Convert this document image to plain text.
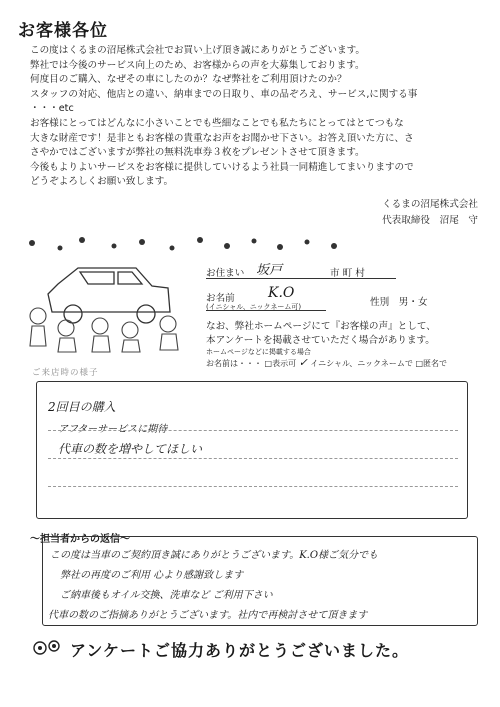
お客様各位
この度はくるまの沼尾株式会社でお買い上げ頂き誠にありがとうございます。
弊社では今後のサービス向上のため、お客様からの声を大募集しております。
何度目のご購入、なぜその車にしたのか？なぜ弊社をご利用頂けたのか？
スタッフの対応、他店との違い、納車までの日取り、車の品ぞろえ、サービス,に関する事
・・・etc
お客様にとってはどんなに小さいことでも些細なことでも私たちにとってはとてつもな
大きな財産です！是非ともお客様の貴重なお声をお聞かせ下さい。お答え頂いた方に、さ
さやかではございますが弊社の無料洗車券３枚をプレゼントさせて頂きます。
今後もよりよいサービスをお客様に提供していけるよう社員一同精進してまいりますので
どうぞよろしくお願い致します。
くるまの沼尾株式会社
代表取締役　沼尾　守
ご来店時の様子
お住まい 坂戸	市 町 村
お名前
(イニシャル、ニックネーム可)
K.O
性別　男・女
なお、弊社ホームページにて『お客様の声』として、
本アンケートを掲載させていただく場合があります。
ホームページなどに掲載する場合
お名前は・・・ □表示可 ✓ イニシャル、ニックネームで □匿名で
2回目の購入
アフターサービスに期待
代車の数を増やしてほしい
～担当者からの返信～
この度は当車のご契約頂き誠にありがとうございます。K.O様ご気分でも
弊社の再度のご利用 心より感謝致します
ご納車後もオイル交換、洗車など ご利用下さい
代車の数のご指摘ありがとうございます。社内で再検討させて頂きます
アンケートご協力ありがとうございました。
